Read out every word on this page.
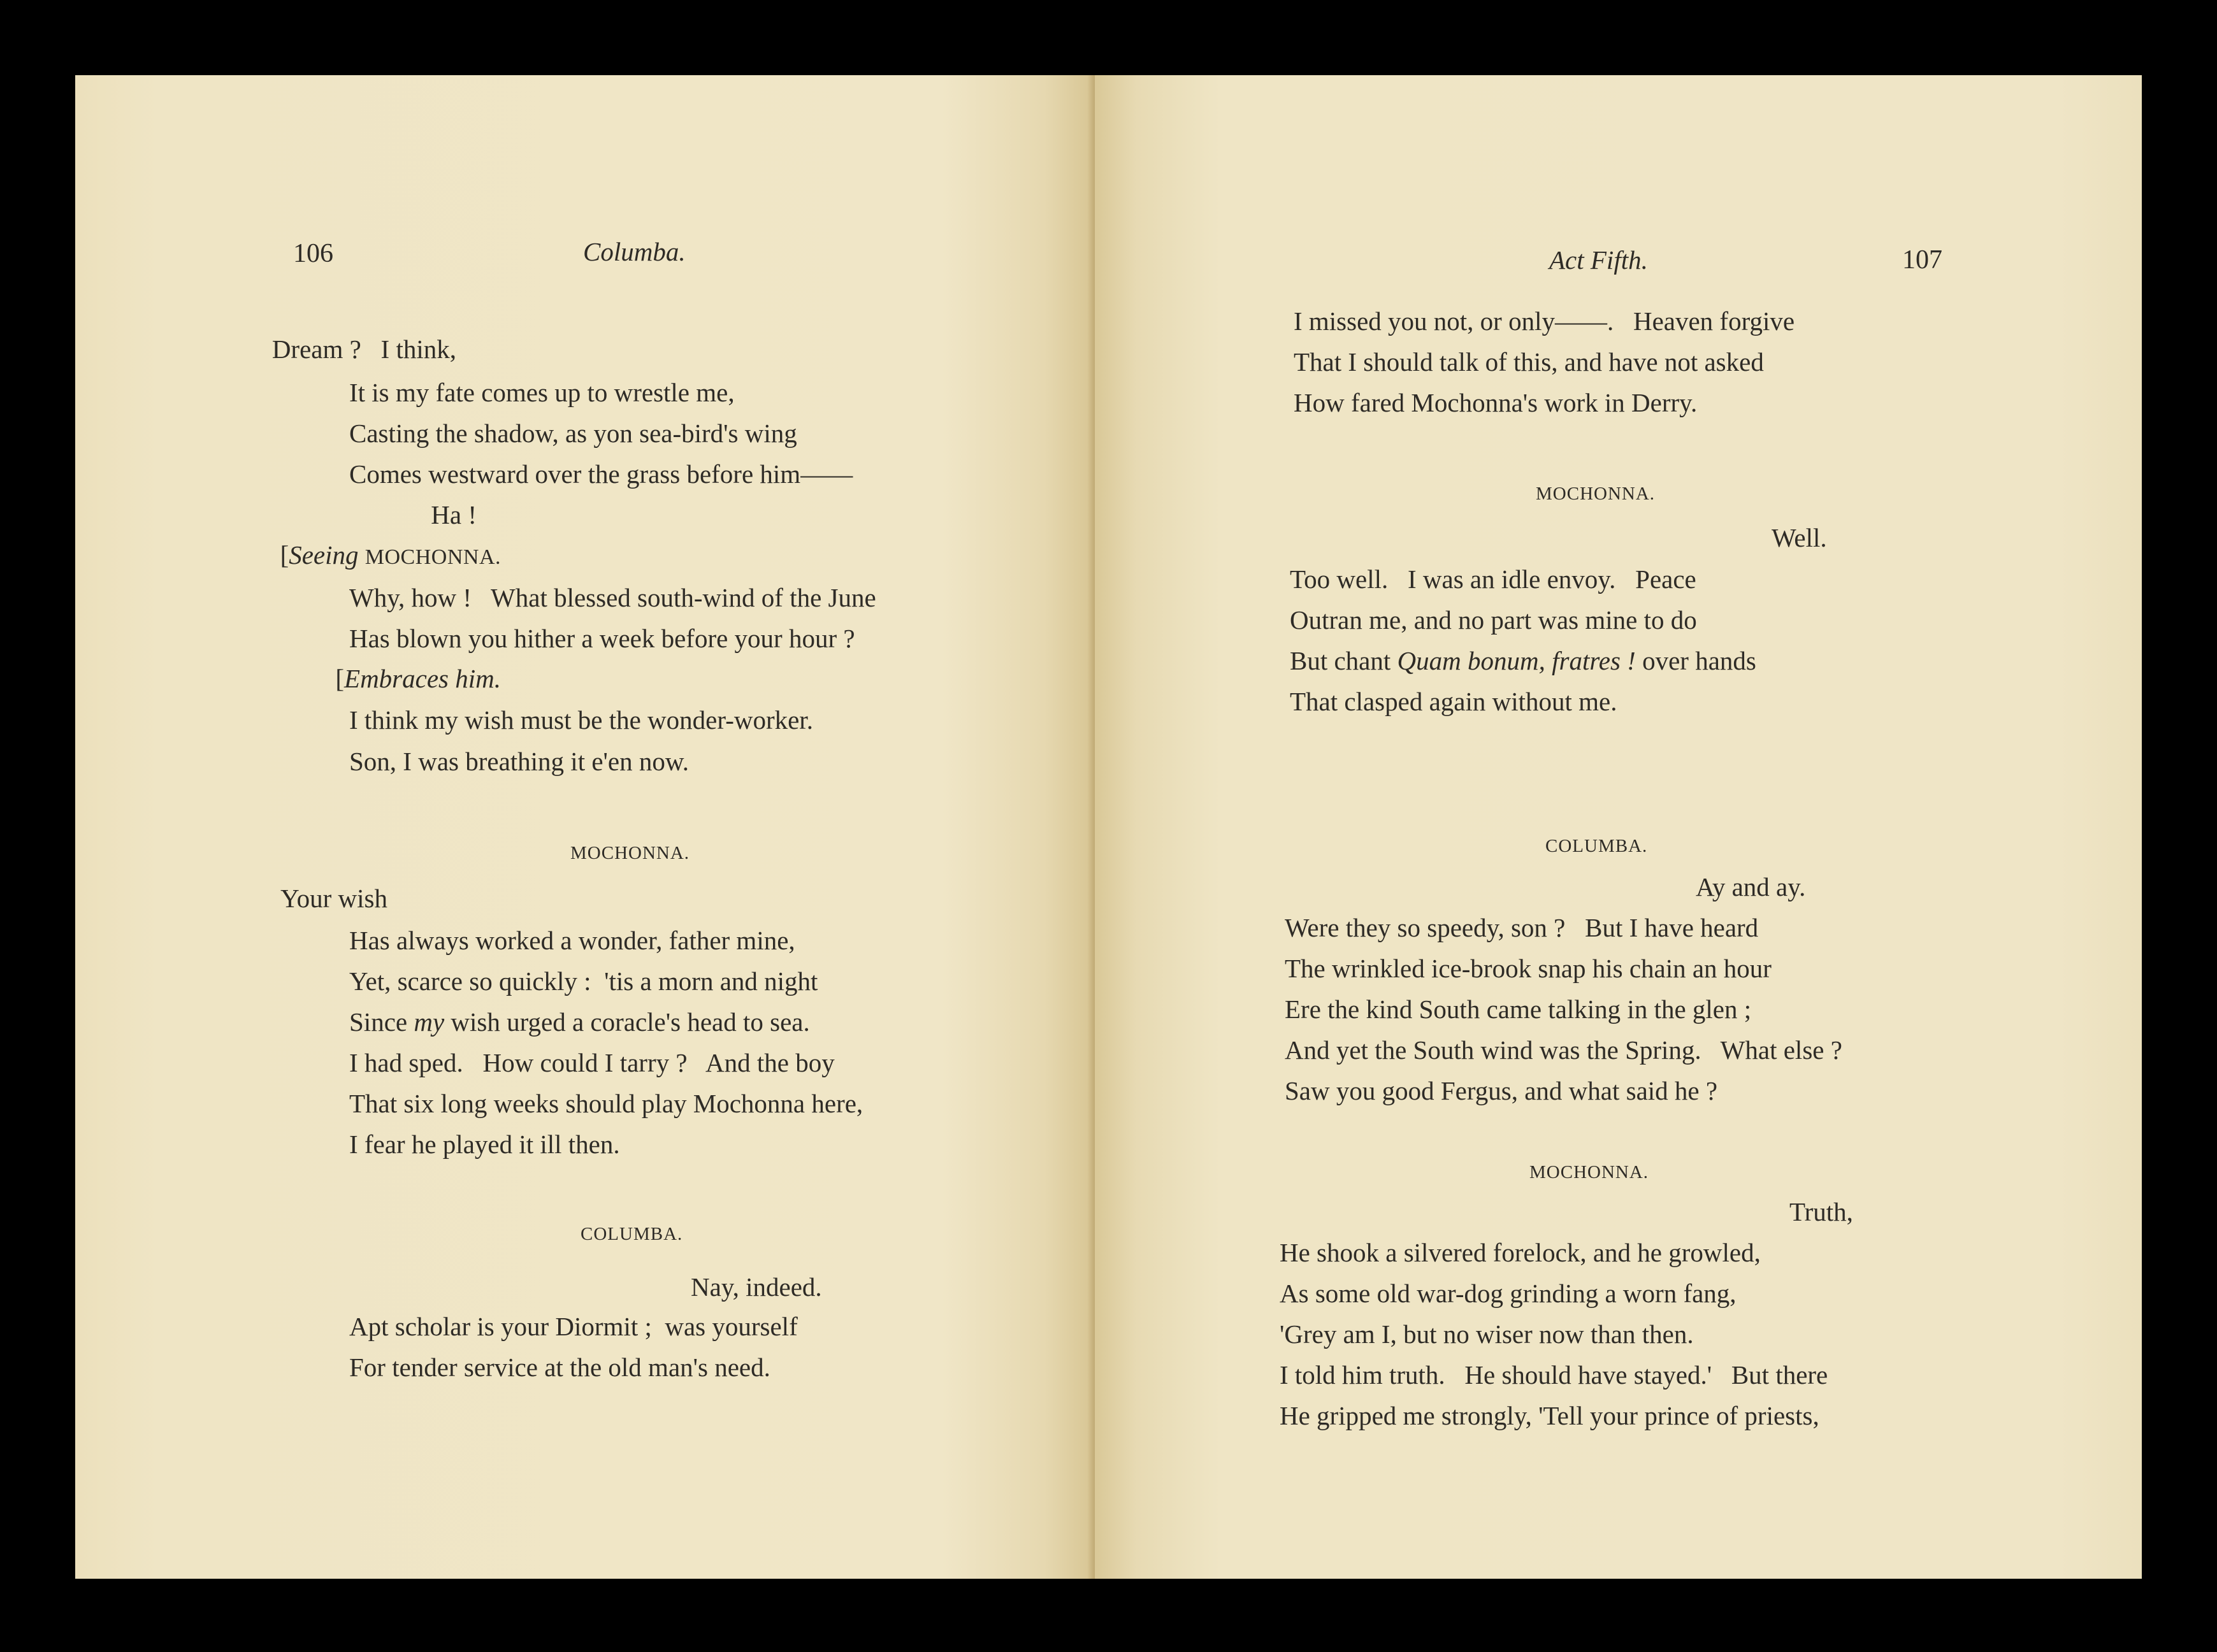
106	Columba.
Dream ?   I think,
It is my fate comes up to wrestle me,
Casting the shadow, as yon sea-bird's wing
Comes westward over the grass before him——
Ha !
[Seeing MOCHONNA.
Why, how !   What blessed south-wind of the June
Has blown you hither a week before your hour ?
[Embraces him.
I think my wish must be the wonder-worker.
Son, I was breathing it e'en now.
MOCHONNA.
Your wish
Has always worked a wonder, father mine,
Yet, scarce so quickly :  'tis a morn and night
Since my wish urged a coracle's head to sea.
I had sped.   How could I tarry ?   And the boy
That six long weeks should play Mochonna here,
I fear he played it ill then.
COLUMBA.
Nay, indeed.
Apt scholar is your Diormit ;  was yourself
For tender service at the old man's need.
Act Fifth.	107
I missed you not, or only——.   Heaven forgive
That I should talk of this, and have not asked
How fared Mochonna's work in Derry.
MOCHONNA.
Well.
Too well.   I was an idle envoy.   Peace
Outran me, and no part was mine to do
But chant Quam bonum, fratres ! over hands
That clasped again without me.
COLUMBA.
Ay and ay.
Were they so speedy, son ?   But I have heard
The wrinkled ice-brook snap his chain an hour
Ere the kind South came talking in the glen ;
And yet the South wind was the Spring.   What else ?
Saw you good Fergus, and what said he ?
MOCHONNA.
Truth,
He shook a silvered forelock, and he growled,
As some old war-dog grinding a worn fang,
'Grey am I, but no wiser now than then.
I told him truth.   He should have stayed.'   But there
He gripped me strongly, 'Tell your prince of priests,
